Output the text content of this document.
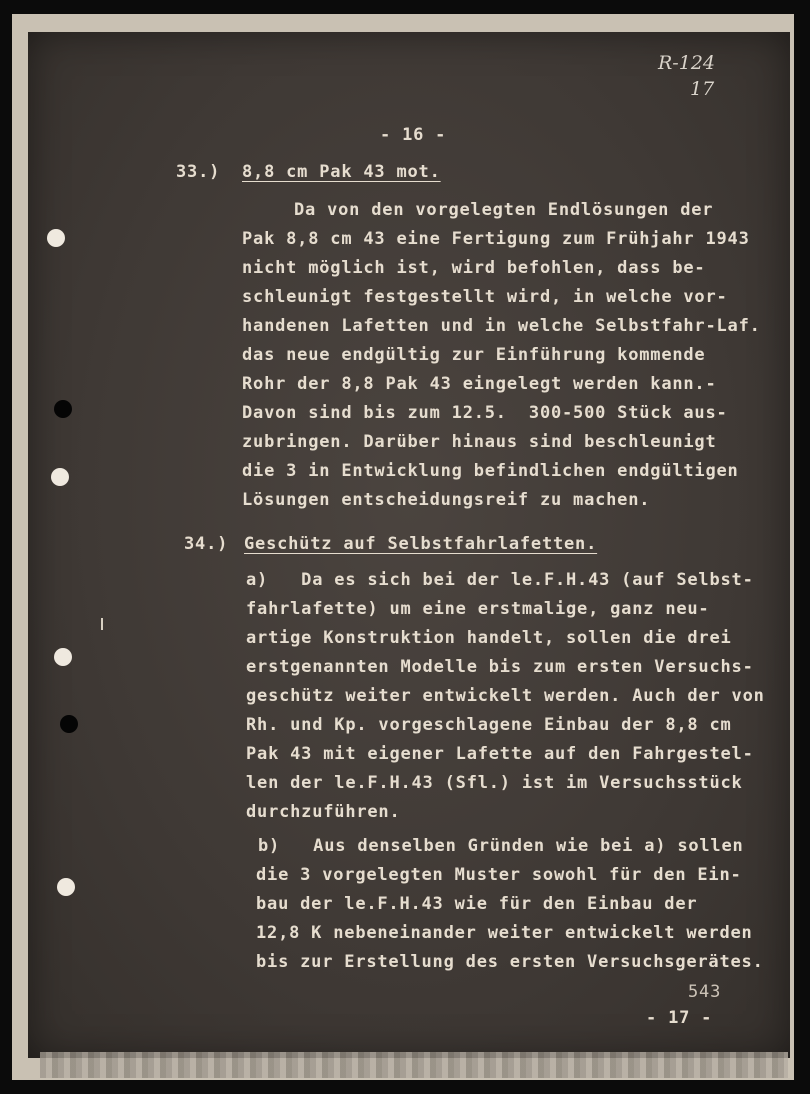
R-124
17
- 16 -
33.) 8,8 cm Pak 43 mot.
Da von den vorgelegten Endlösungen der
Pak 8,8 cm 43 eine Fertigung zum Frühjahr 1943
nicht möglich ist, wird befohlen, dass be-
schleunigt festgestellt wird, in welche vor-
handenen Lafetten und in welche Selbstfahr-Laf.
das neue endgültig zur Einführung kommende
Rohr der 8,8 Pak 43 eingelegt werden kann.-
Davon sind bis zum 12.5.  300-500 Stück aus-
zubringen. Darüber hinaus sind beschleunigt
die 3 in Entwicklung befindlichen endgültigen
Lösungen entscheidungsreif zu machen.
34.) Geschütz auf Selbstfahrlafetten.
a)   Da es sich bei der le.F.H.43 (auf Selbst-
fahrlafette) um eine erstmalige, ganz neu-
artige Konstruktion handelt, sollen die drei
erstgenannten Modelle bis zum ersten Versuchs-
geschütz weiter entwickelt werden. Auch der von
Rh. und Kp. vorgeschlagene Einbau der 8,8 cm
Pak 43 mit eigener Lafette auf den Fahrgestel-
len der le.F.H.43 (Sfl.) ist im Versuchsstück
durchzuführen.
b)   Aus denselben Gründen wie bei a) sollen
die 3 vorgelegten Muster sowohl für den Ein-
bau der le.F.H.43 wie für den Einbau der
12,8 K nebeneinander weiter entwickelt werden
bis zur Erstellung des ersten Versuchsgerätes.
543
- 17 -
